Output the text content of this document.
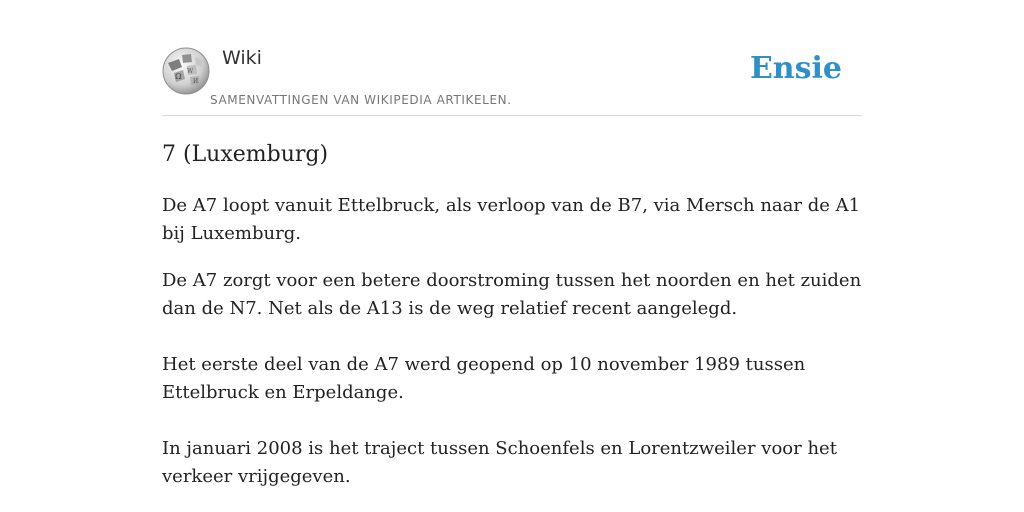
Ω
W
И
Wiki
SAMENVATTINGEN VAN WIKIPEDIA ARTIKELEN.
Ensie
7 (Luxemburg)

De A7 loopt vanuit Ettelbruck, als verloop van de B7, via Mersch naar de A1 bij Luxemburg.

De A7 zorgt voor een betere doorstroming tussen het noorden en het zuiden dan de N7. Net als de A13 is de weg relatief recent aangelegd.

Het eerste deel van de A7 werd geopend op 10 november 1989 tussen Ettelbruck en Erpeldange.

In januari 2008 is het traject tussen Schoenfels en Lorentzweiler voor het verkeer vrijgegeven.
